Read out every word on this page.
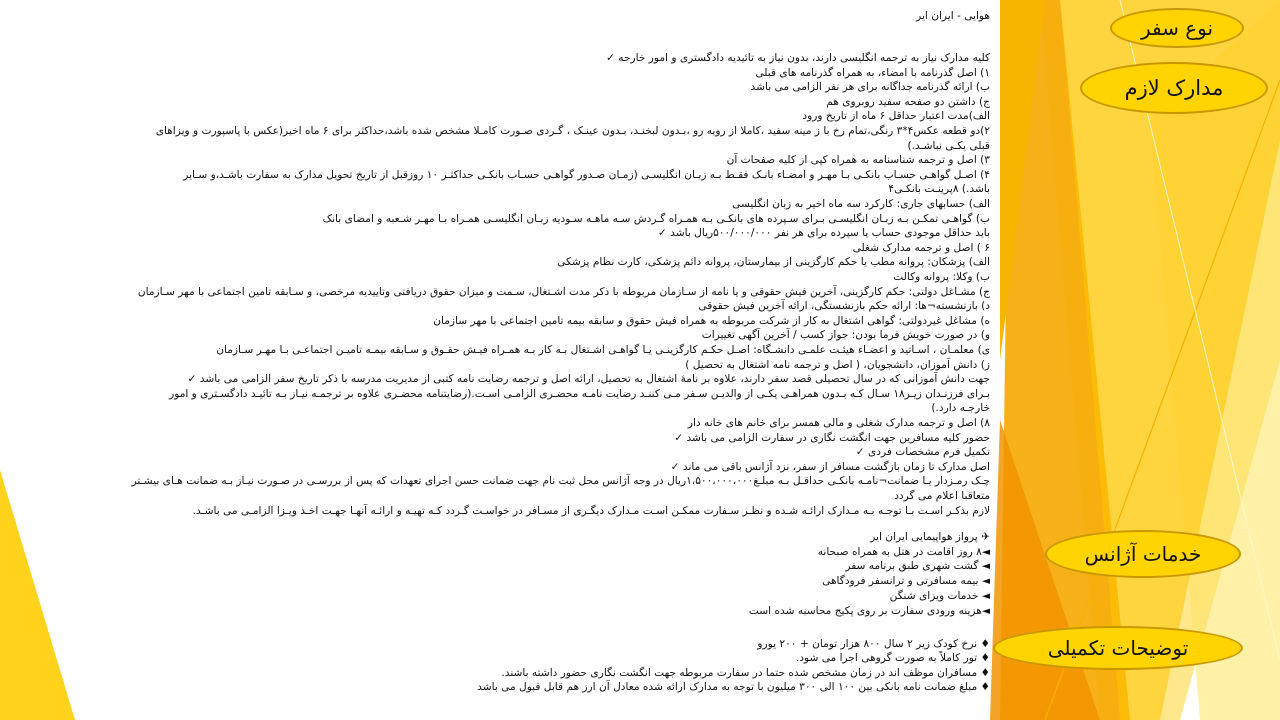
نوع سفر
مدارک لازم
خدمات آژانس
توضیحات تکمیلی
هوایی - ایران ایر
کلیه مدارک نیاز به ترجمه انگلیسی دارند، بدون نیاز به تائیدیه دادگستری و امور خارجه ✓
۱) اصل گذرنامه با امضاء، به همراه گذرنامه های قبلی
ب) ارائه گذرنامه جداگانه برای هر نفر الزامی می باشد
ج) داشتن دو صفحه سفید روبروی هم
الف)مدت اعتبار حداقل ۶ ماه از تاریخ ورود
۲)دو قطعه عکس۴*۳ رنگی،تمام رخ با ز مینه سفید ،کاملا از روبه رو ،بـدون لبخنـد، بـدون عینـک ، گـردی صـورت کامـلا مشخص شده باشد،حداکثر برای ۶ ماه اخیر(عکس با پاسپورت و ویزاهای
قبلی یکـی نباشـد.)
۳) اصل و ترجمه شناسنامه به همراه کپی از کلیه صفحات آن
۴) اصـل گواهـی حسـاب بانکـی بـا مهـر و امضـاء بانـک فقـط بـه زبـان انگلیسـی (زمـان صـدور گواهـی حسـاب بانکـی حداکثـر ۱۰ روزقبل از تاریخ تحویل مدارک به سفارت باشـد،و سـایر
باشد.) ۸پرینـت بانکـی۴
الف) حسابهای جاری: کارکرد سه ماه اخیر به زبان انگلیسی
ب) گواهـی تمکـن بـه زبـان انگلیسـی بـرای سـپرده های بانکـی بـه همـراه گـردش سـه ماهـه سـودیه زبـان انگلیسـی همـراه بـا مهـر شـعبه و امضای بانک
باید حداقل موجودی حساب یا سپرده برای هر نفر ۵۰۰/۰۰۰/۰۰۰ریال باشد ✓
۶ ) اصل و ترجمه مدارک شغلی
الف) پزشکان: پروانه مطب یا حکم کارگزینی از بیمارستان، پروانه دائم پزشکی، کارت نظام پزشکی
ب) وکلا: پروانه وکالت
ج) مشـاغل دولتی: حکم کارگزینی، آخرین فیش حقوقی و یا نامه از سـازمان مربوطه با ذکر مدت اشـتغال، سـمت و میزان حقوق دریافتی وتاییدیه مرخصی، و سـابقه تامین اجتماعی با مهر سـازمان
د) بازنشسته¬ها: ارائه حکم بازنشستگی، ارائه آخرین فیش حقوقی
ه) مشاغل غیردولتی: گواهی اشتغال به کار از شرکت مربوطه به همراه فیش حقوق و سابقه بیمه تامین اجتماعی با مهر سازمان
و) در صورت خویش فرما بودن: جواز کسب / آخرین آگهی تغییرات
ی) معلمـان ، اسـاتید و اعضـاء هیئـت علمـی دانشـگاه: اصـل حکـم کارگزینـی یـا گواهـی اشـتغال بـه کار بـه همـراه فیـش حقـوق و سـابقه بیمـه تامیـن اجتماعـی بـا مهـر سـازمان
ز) دانش آموزان، دانشجویان، ( اصل و ترجمه نامه اشتغال به تحصیل )
جهت دانش آموزانی که در سال تحصیلی قصد سفر دارند، علاوه بر نامهٔ اشتغال به تحصیل، ارائه اصل و ترجمه رضایت نامه کتبی از مدیریت مدرسه با ذکر تاریخ سفر الزامی می باشد ✓
بـرای فرزنـدان زیـر۱۸ سـال کـه بـدون همراهـی یکـی از والدیـن سـفر مـی کننـد رضایت نامـه محضـری الزامـی اسـت.(رضایتنامه محضـری علاوه بر ترجمـه نیـاز بـه تائیـد دادگسـتری و امور
خارجـه دارد.)
۸) اصل و ترجمه مدارک شغلی و مالی همسر برای خانم های خانه دار
حضور کلیه مسافرین جهت انگشت نگاری در سفارت الزامی می باشد ✓
تکمیل فرم مشخصات فردی ✓
اصل مدارک تا زمان بازگشت مسافر از سفر، نزد آژانس باقی می ماند ✓
چـک رمـزدار یـا ضمانت¬نامـه بانکـی حداقـل بـه مبلـغ۱،۵۰۰،۰۰۰،۰۰۰ریال در وجه آژانس محل ثبت نام جهت ضمانت حسن اجرای تعهدات که پس از بررسـی در صـورت نیـاز بـه ضمانت هـای بیشـتر
متعاقبا اعلام می گردد
لازم بذکـر اسـت بـا توجـه بـه مـدارک ارائـه شـده و نظـر سـفارت ممکـن اسـت مـدارک دیگـری از مسـافر در خواسـت گـردد کـه تهیـه و ارائـه آنهـا جهـت اخـذ ویـزا الزامـی می باشـد.
✈ پرواز هواپیمایی ایران ایر
◄۸ روز اقامت در هتل به همراه صبحانه
◄ گشت شهری طبق برنامه سفر
◄ بیمه مسافرتی و ترانسفر فرودگاهی
◄ خدمات ویزای شنگن
◄هزینه ورودی سفارت بر روی پکیج محاسبه شده است
♦ نرخ کودک زیر ۲ سال ۸۰۰ هزار تومان + ۲۰۰ یورو
♦ تور کاملاً به صورت گروهی اجرا می شود.
♦ مسافران موظف اند در زمان مشخص شده حتما در سفارت مربوطه جهت انگشت نگاری حضور داشته باشند.
♦ مبلغ ضمانت نامه بانکی بین ۱۰۰ الی ۳۰۰ میلیون با توجه به مدارک ارائه شده معادل آن ارز هم قابل قبول می باشد
